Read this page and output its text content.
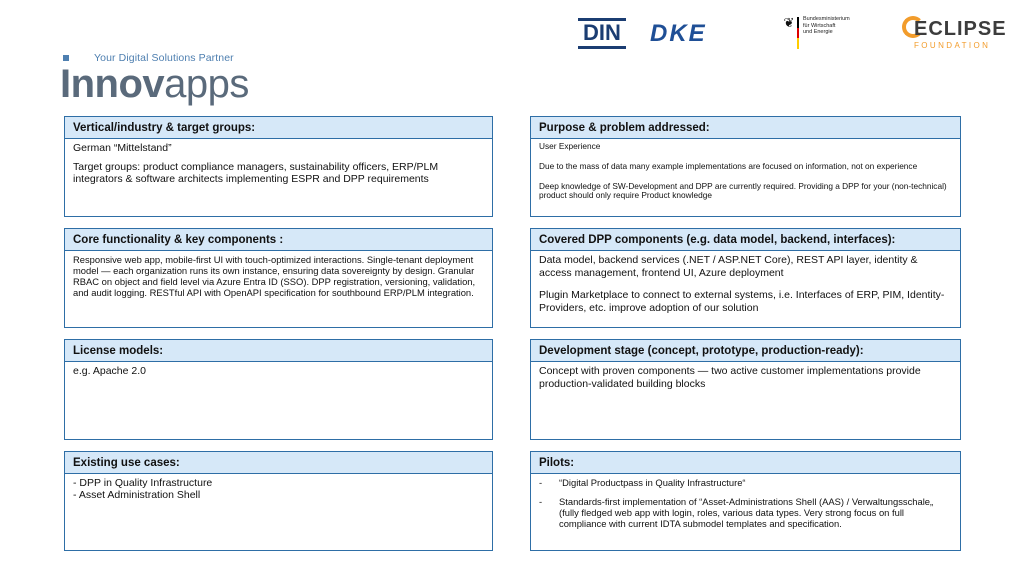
Your Digital Solutions Partner
Innovapps
DIN DKE	❦ Bundesministerium
für Wirtschaft
und Energie	ECLIPSE
FOUNDATION
Vertical/industry & target groups:

German “Mittelstand”

Target groups: product compliance managers, sustainability officers, ERP/PLM integrators & software architects implementing ESPR and DPP requirements

Purpose & problem addressed:

User Experience

Due to the mass of data many example implementations are focused on information, not on experience

Deep knowledge of SW-Development and DPP are currently required. Providing a DPP for your (non-technical) product should only require Product knowledge

Core functionality & key components :

Responsive web app, mobile-first UI with touch-optimized interactions. Single-tenant deployment model — each organization runs its own instance, ensuring data sovereignty by design. Granular RBAC on object and field level via Azure Entra ID (SSO). DPP registration, versioning, validation, and audit logging. RESTful API with OpenAPI specification for southbound ERP/PLM integration.

Covered DPP components (e.g. data model, backend, interfaces):

Data model, backend services (.NET / ASP.NET Core), REST API layer, identity & access management, frontend UI, Azure deployment

Plugin Marketplace to connect to external systems, i.e. Interfaces of ERP, PIM, Identity-Providers, etc. improve adoption of our solution

License models:

e.g. Apache 2.0

Development stage (concept, prototype, production-ready):

Concept with proven components — two active customer implementations provide production-validated building blocks

Existing use cases:

- DPP in Quality Infrastructure

- Asset Administration Shell

Pilots:
- “Digital Productpass in Quality Infrastructure“
- Standards-first implementation of “Asset-Administrations Shell (AAS) / Verwaltungsschale„ (fully fledged web app with login, roles, various data types. Very strong focus on full compliance with current IDTA submodel templates and specification.
